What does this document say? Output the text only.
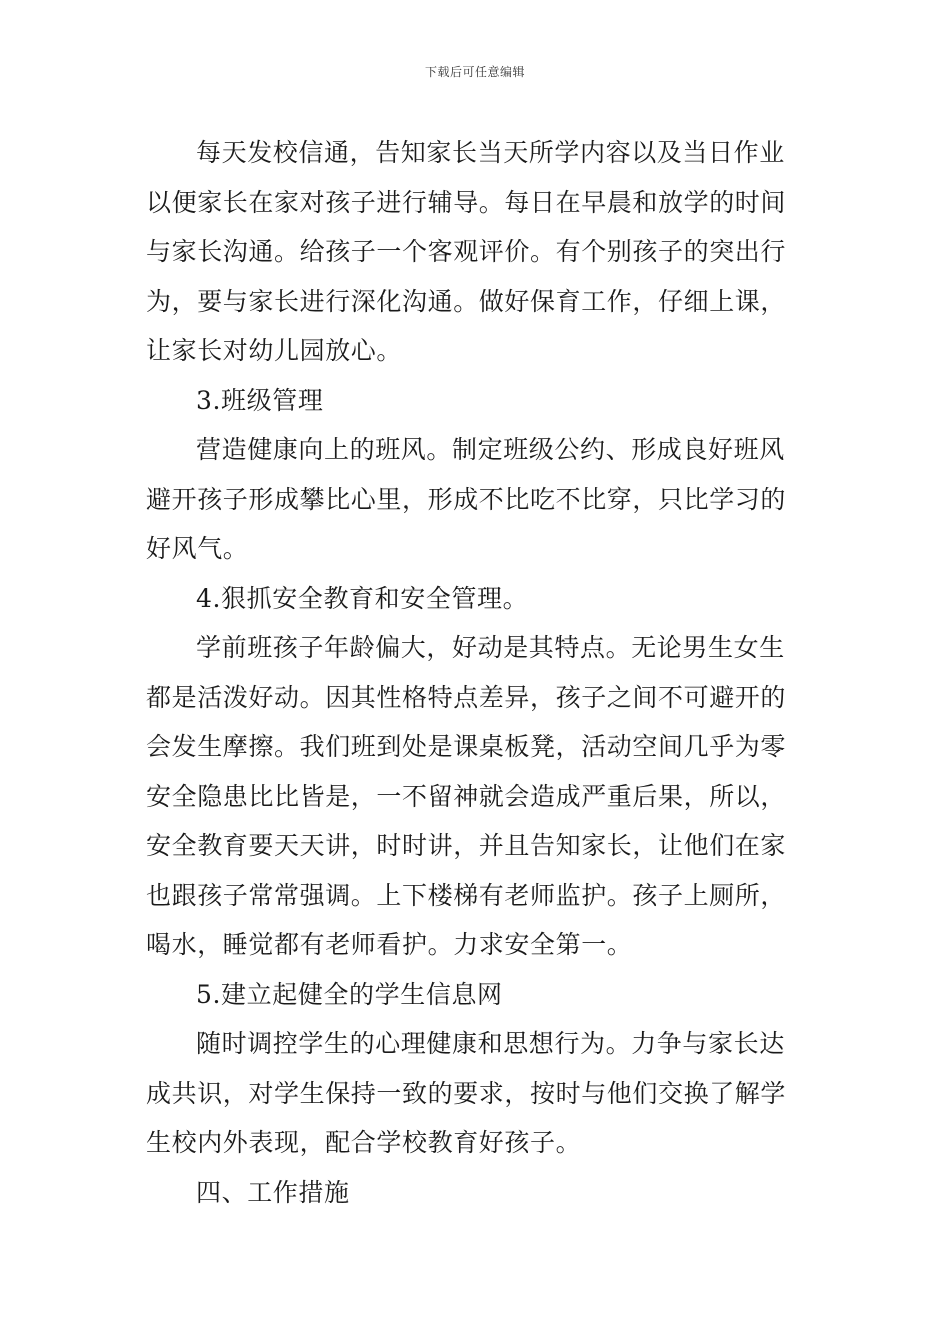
下载后可任意编辑
每天发校信通，告知家长当天所学内容以及当日作业
以便家长在家对孩子进行辅导。每日在早晨和放学的时间
与家长沟通。给孩子一个客观评价。有个别孩子的突出行
为，要与家长进行深化沟通。做好保育工作，仔细上课，
让家长对幼儿园放心。
3.班级管理
营造健康向上的班风。制定班级公约、形成良好班风
避开孩子形成攀比心里，形成不比吃不比穿，只比学习的
好风气。
4.狠抓安全教育和安全管理。
学前班孩子年龄偏大，好动是其特点。无论男生女生
都是活泼好动。因其性格特点差异，孩子之间不可避开的
会发生摩擦。我们班到处是课桌板凳，活动空间几乎为零
安全隐患比比皆是，一不留神就会造成严重后果，所以，
安全教育要天天讲，时时讲，并且告知家长，让他们在家
也跟孩子常常强调。上下楼梯有老师监护。孩子上厕所，
喝水，睡觉都有老师看护。力求安全第一。
5.建立起健全的学生信息网
随时调控学生的心理健康和思想行为。力争与家长达
成共识，对学生保持一致的要求，按时与他们交换了解学
生校内外表现，配合学校教育好孩子。
四、工作措施
